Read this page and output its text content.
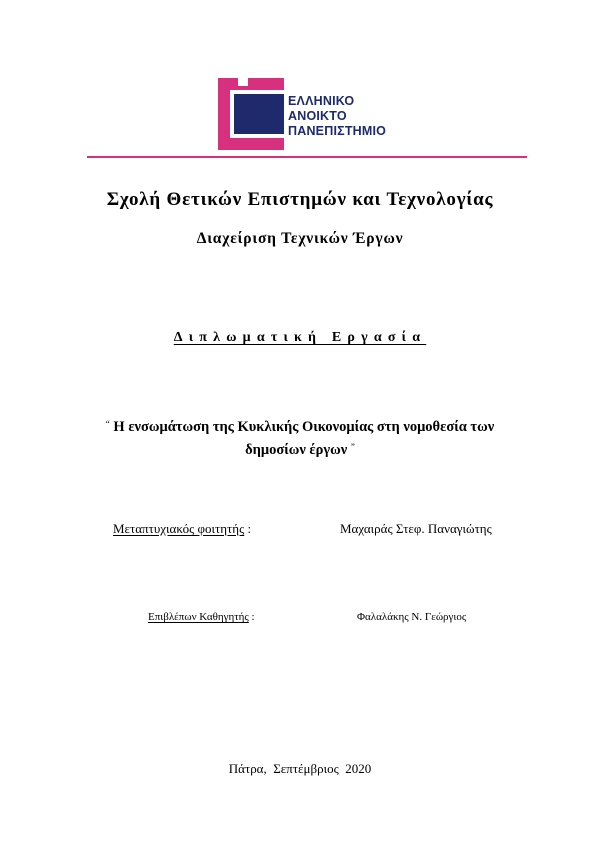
ΕΛΛΗΝΙΚΟ
ΑΝΟΙΚΤΟ
ΠΑΝΕΠΙΣΤΗΜΙΟ
Σχολή Θετικών Επιστημών και Τεχνολογίας
Διαχείριση Τεχνικών Έργων
Διπλωματική Εργασία
“ Η ενσωμάτωση της Κυκλικής Οικονομίας στη νομοθεσία των δημοσίων έργων ”
Μεταπτυχιακός φοιτητής :	Μαχαιράς Στεφ. Παναγιώτης
Επιβλέπων Καθηγητής :	Φαλαλάκης Ν. Γεώργιος
Πάτρα,  Σεπτέμβριος  2020
